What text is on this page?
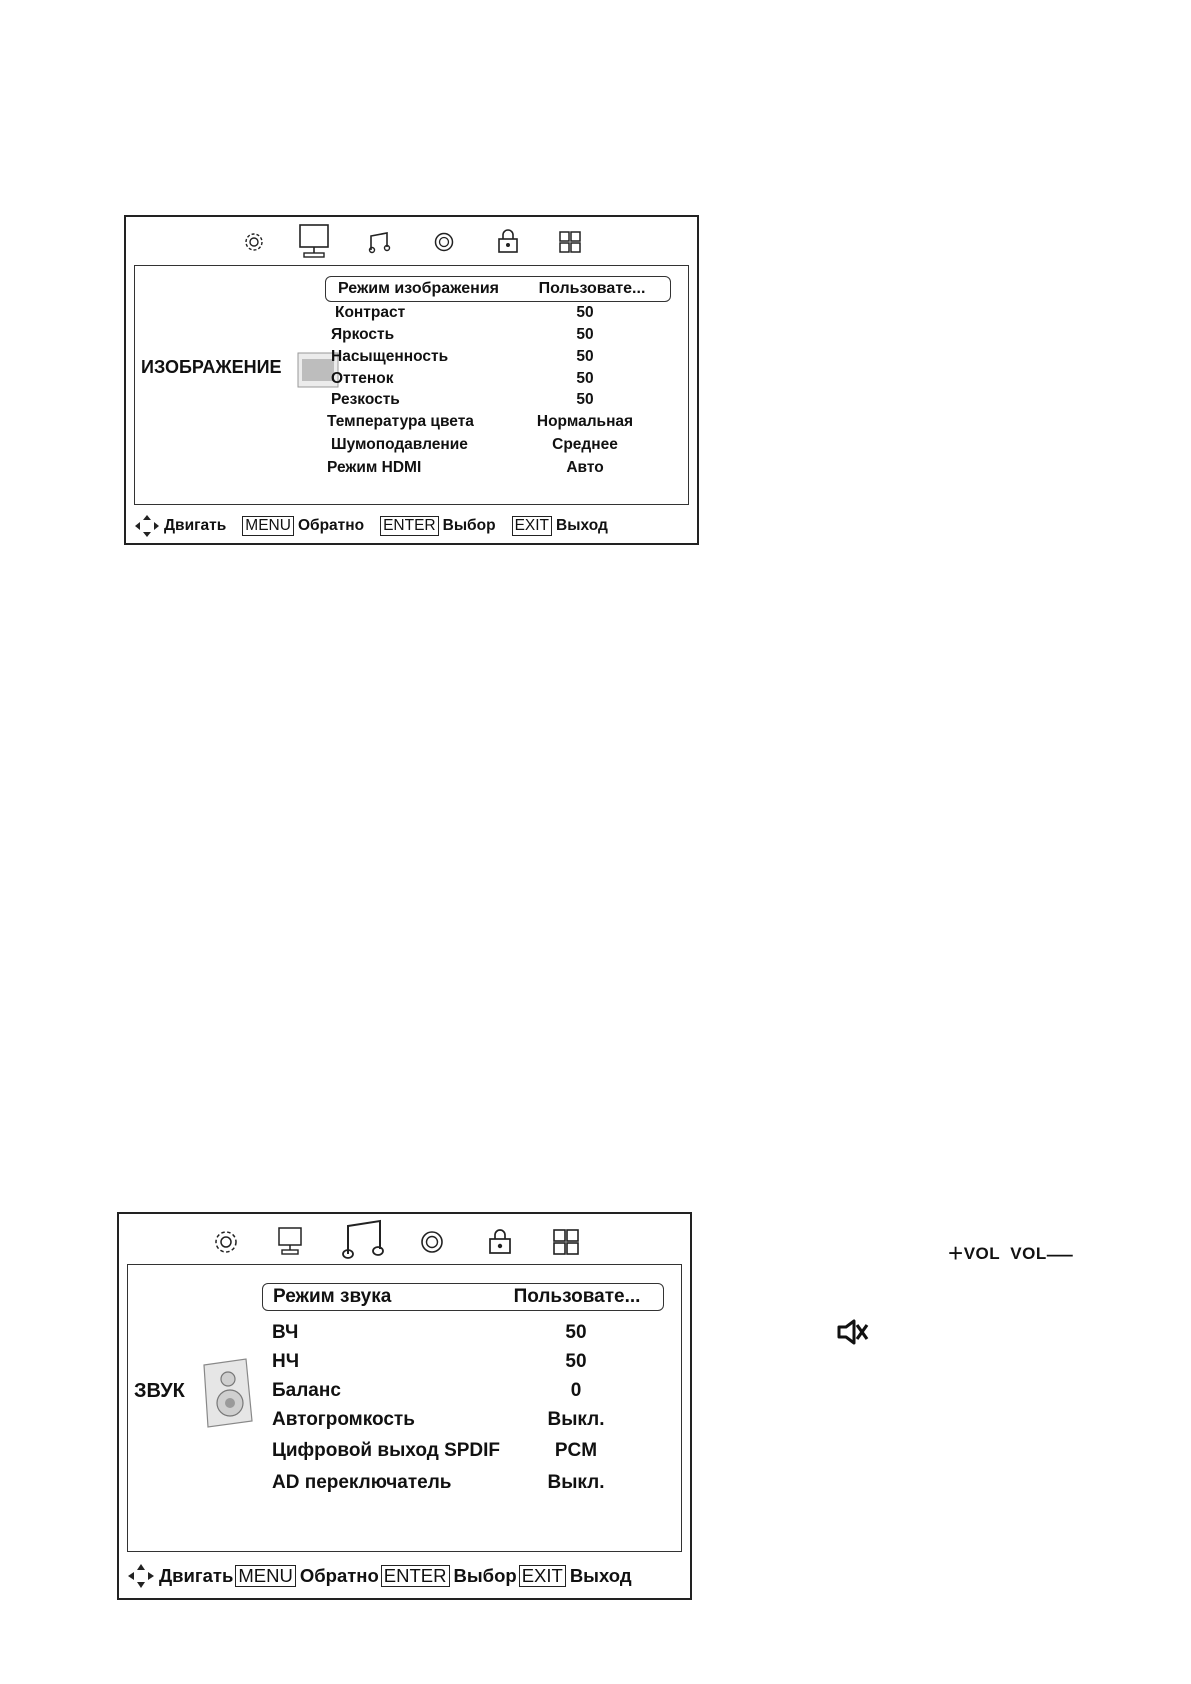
ИЗОБРАЖЕНИЕ
Режим изображения	Пользовате...
Контраст	50
Яркость	50
Насыщенность	50
Оттенок	50
Резкость	50
Температура цвета	Нормальная
Шумоподавление	Среднее
Режим HDMI	Авто
Двигать MENU Обратно ENTER Выбор EXIT Выход
ЗВУК
Режим звука	Пользовате...
ВЧ	50
НЧ	50
Баланс	0
Автогромкость	Выкл.
Цифровой выход SPDIF	PCM
AD переключатель	Выкл.
Двигать MENU Обратно ENTER Выбор EXIT Выход
+VOL VOL—
